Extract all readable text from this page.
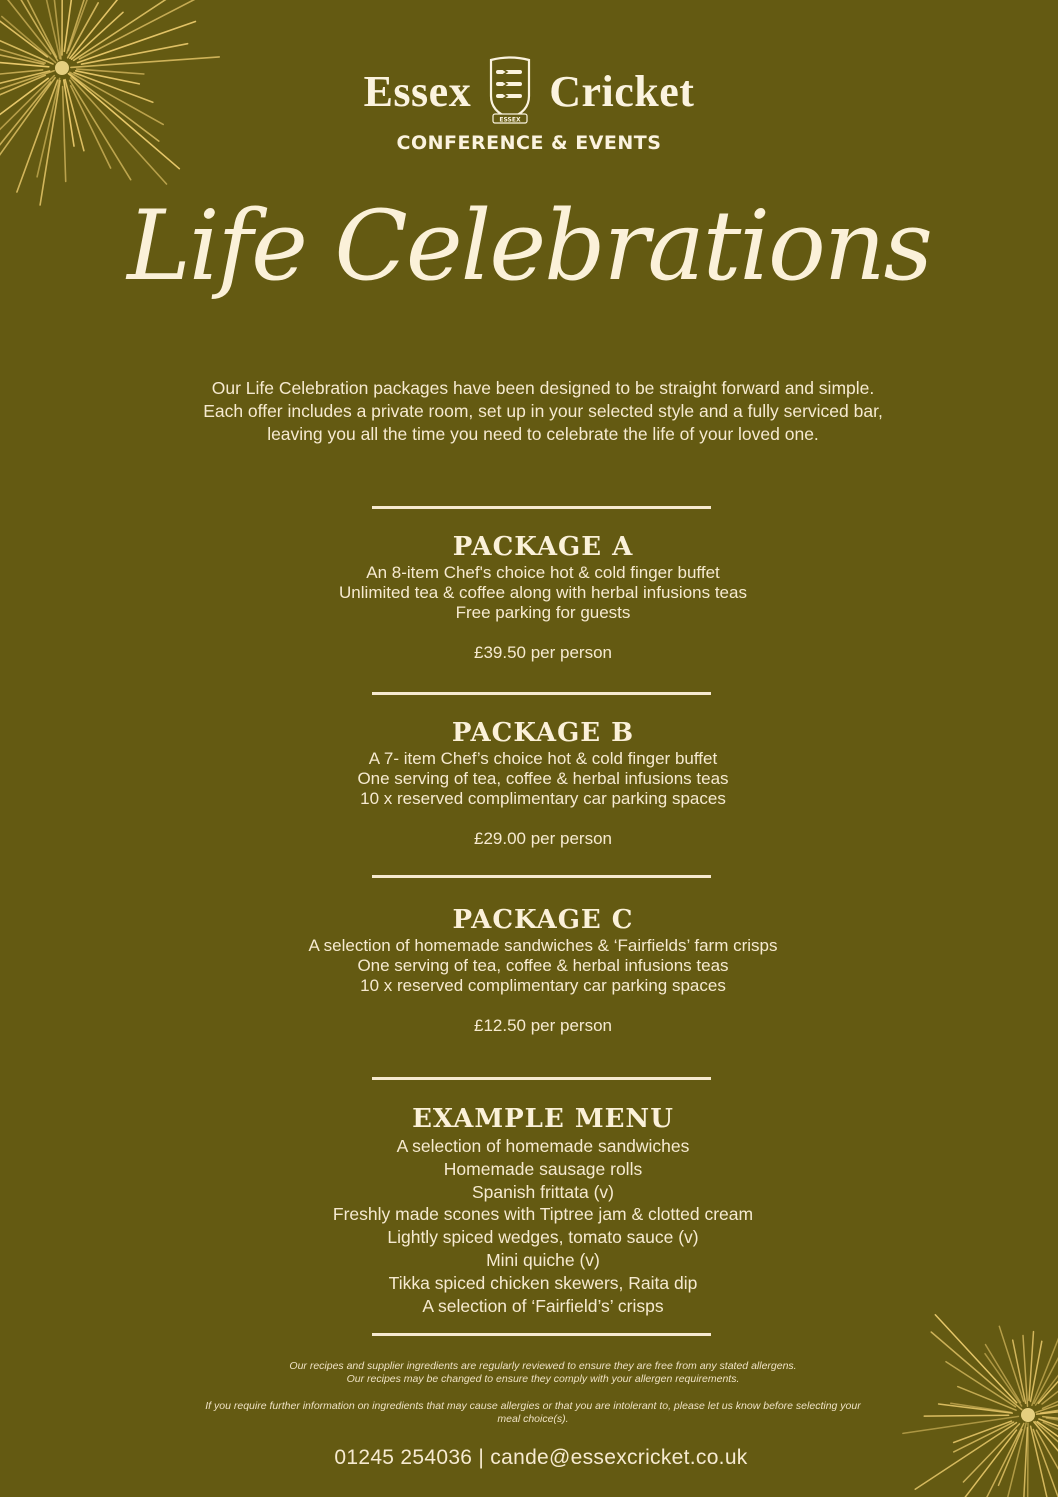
Essex
ESSEX
Cricket
CONFERENCE & EVENTS
Life Celebrations
Our Life Celebration packages have been designed to be straight forward and simple. Each offer includes a private room, set up in your selected style and a fully serviced bar, leaving you all the time you need to celebrate the life of your loved one.
PACKAGE A
An 8-item Chef's choice hot & cold finger buffet
Unlimited tea & coffee along with herbal infusions teas
Free parking for guests
£39.50 per person
PACKAGE B
A 7- item Chef’s choice hot & cold finger buffet
One serving of tea, coffee & herbal infusions teas
10 x reserved complimentary car parking spaces
£29.00 per person
PACKAGE C
A selection of homemade sandwiches & ‘Fairfields’ farm crisps
One serving of tea, coffee & herbal infusions teas
10 x reserved complimentary car parking spaces
£12.50 per person
EXAMPLE MENU
A selection of homemade sandwiches
Homemade sausage rolls
Spanish frittata (v)
Freshly made scones with Tiptree jam & clotted cream
Lightly spiced wedges, tomato sauce (v)
Mini quiche (v)
Tikka spiced chicken skewers, Raita dip
A selection of ‘Fairfield’s’ crisps
Our recipes and supplier ingredients are regularly reviewed to ensure they are free from any stated allergens.
Our recipes may be changed to ensure they comply with your allergen requirements.
If you require further information on ingredients that may cause allergies or that you are intolerant to, please let us know before selecting your meal choice(s).
01245 254036 | cande@essexcricket.co.uk
